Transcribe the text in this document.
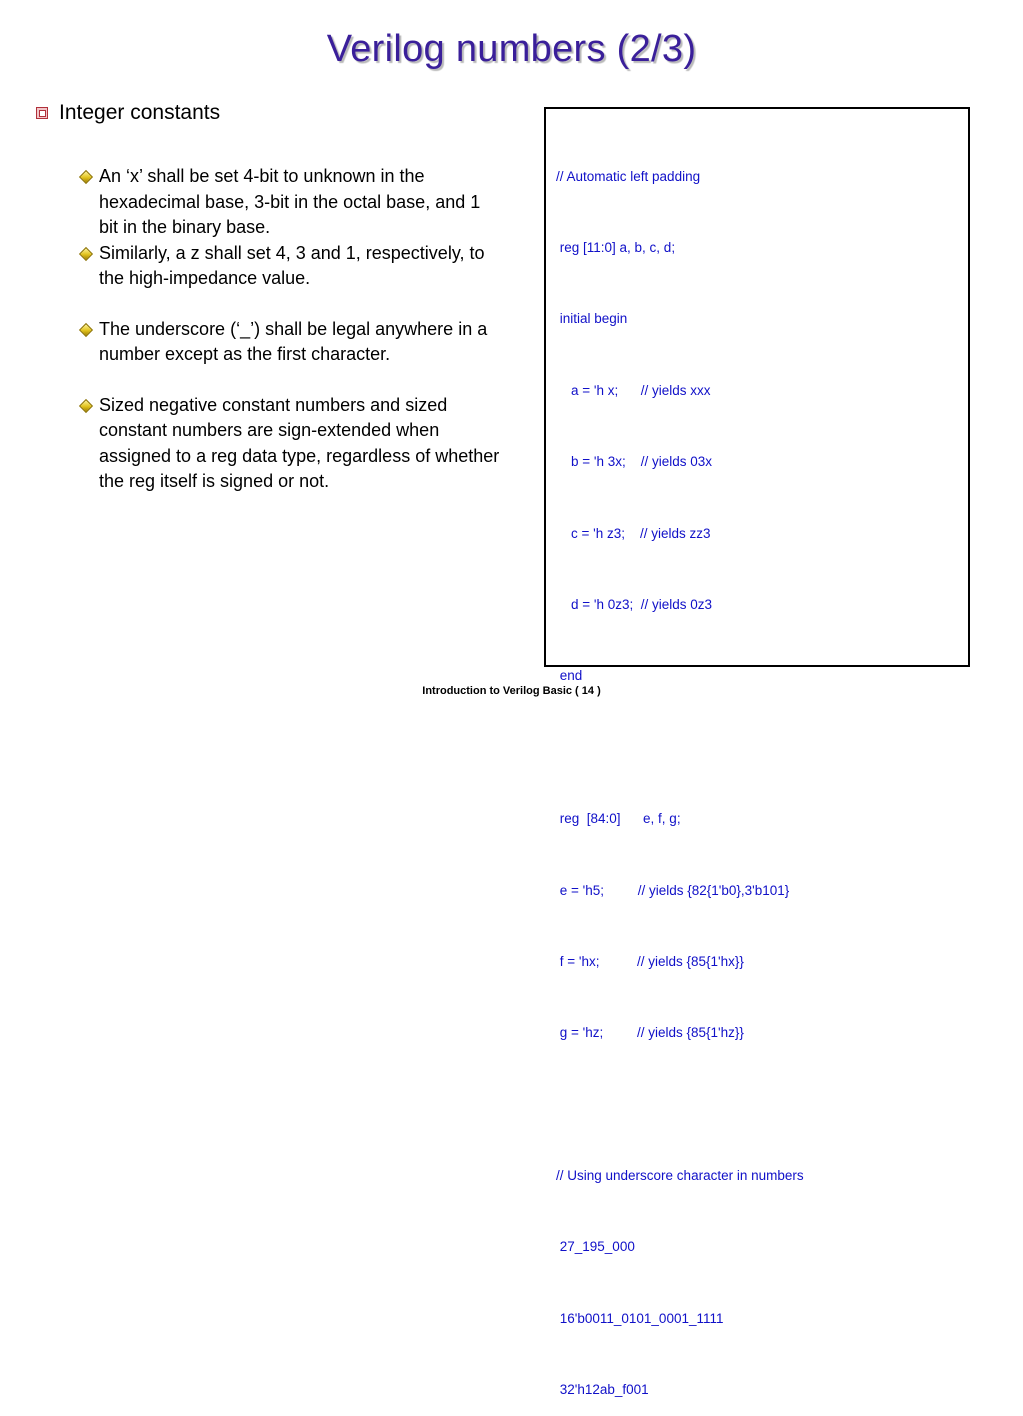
Verilog numbers (2/3)
Integer constants
An ‘x’ shall be set 4-bit to unknown in the hexadecimal base, 3-bit in the octal base, and 1 bit in the binary base.
Similarly, a z shall set 4, 3 and 1, respectively, to the high-impedance value.
The underscore (‘_’) shall be legal anywhere in a number except as the first character.
Sized negative constant numbers and sized constant numbers are sign-extended when assigned to a reg data type, regardless of whether the reg itself is signed or not.

// Automatic left padding

reg [11:0] a, b, c, d;

initial begin

a = 'h x;      // yields xxx

b = 'h 3x;    // yields 03x

c = 'h z3;    // yields zz3

d = 'h 0z3;  // yields 0z3

end

reg  [84:0]      e, f, g;

e = 'h5;         // yields {82{1'b0},3'b101}

f = 'hx;          // yields {85{1'hx}}

g = 'hz;         // yields {85{1'hz}}

// Using underscore character in numbers

27_195_000

16'b0011_0101_0001_1111

32'h12ab_f001

Introduction to Verilog Basic ( 14 )
